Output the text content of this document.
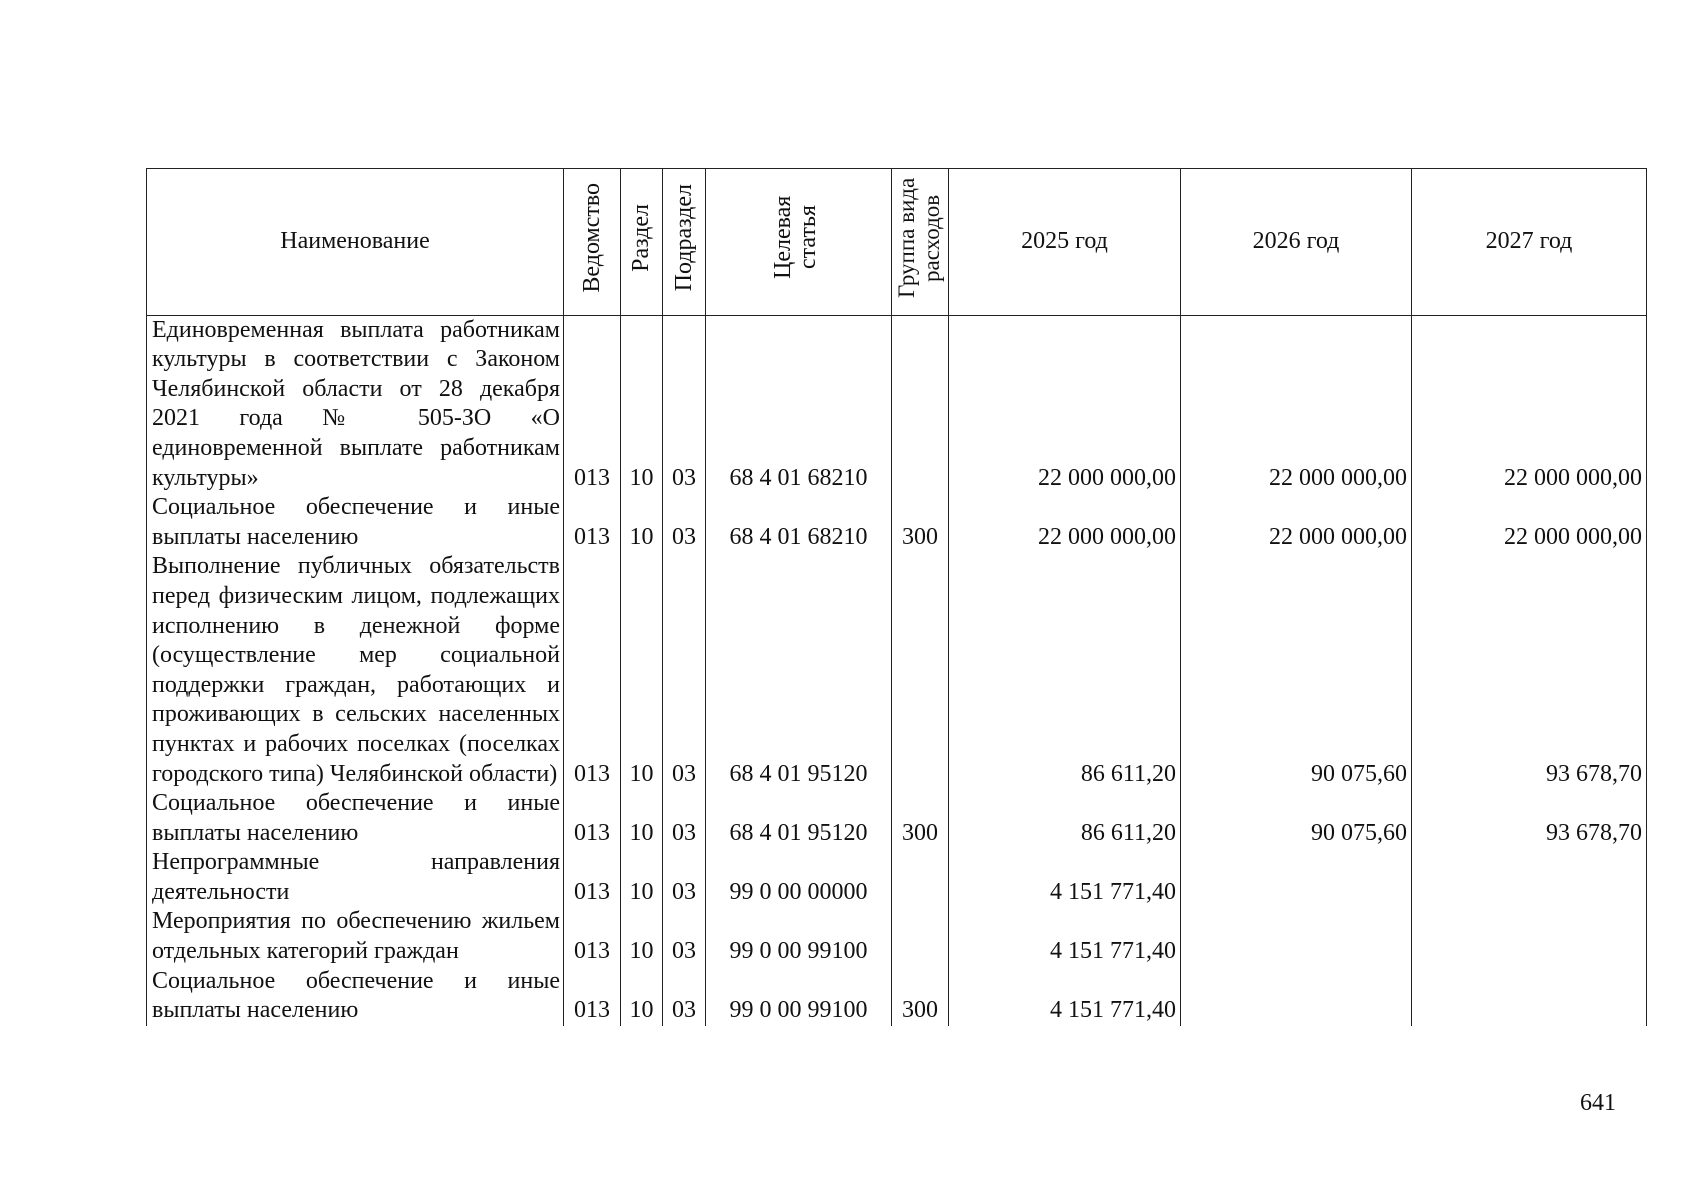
Наименование	Ведомство	Раздел	Подраздел	Целевая статья	Группа вида расходов	2025 год	2026 год	2027 год
Единовременная выплата работникам культуры в соответствии с Законом Челябинской области от 28 декабря 2021 года № 505-ЗО «О единовременной выплате работникам культуры»	013	10	03	68 4 01 68210		22 000 000,00	22 000 000,00	22 000 000,00
Социальное обеспечение и иные выплаты населению	013	10	03	68 4 01 68210	300	22 000 000,00	22 000 000,00	22 000 000,00
Выполнение публичных обязательств перед физическим лицом, подлежащих исполнению в денежной форме (осуществление мер социальной поддержки граждан, работающих и проживающих в сельских населенных пунктах и рабочих поселках (поселках городского типа) Челябинской области)	013	10	03	68 4 01 95120		86 611,20	90 075,60	93 678,70
Социальное обеспечение и иные выплаты населению	013	10	03	68 4 01 95120	300	86 611,20	90 075,60	93 678,70
Непрограммные направления деятельности	013	10	03	99 0 00 00000		4 151 771,40		
Мероприятия по обеспечению жильем отдельных категорий граждан	013	10	03	99 0 00 99100		4 151 771,40		
Социальное обеспечение и иные выплаты населению	013	10	03	99 0 00 99100	300	4 151 771,40		
641
